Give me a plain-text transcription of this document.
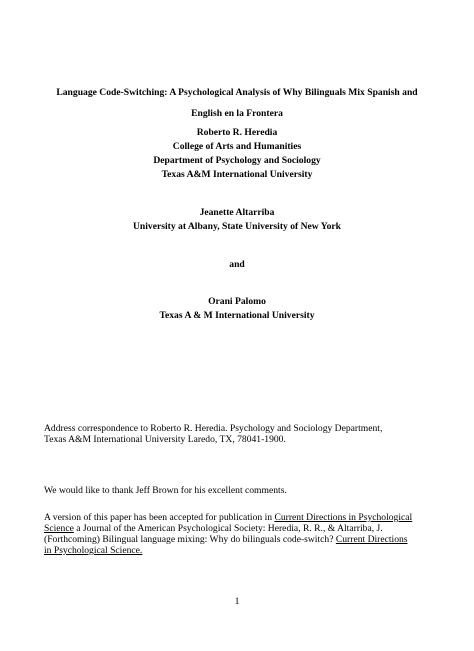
Language Code-Switching: A Psychological Analysis of Why Bilinguals Mix Spanish and
English en la Frontera
Roberto R. Heredia
College of Arts and Humanities
Department of Psychology and Sociology
Texas A&M International University
Jeanette Altarriba
University at Albany, State University of New York
and
Orani Palomo
Texas A & M International University
Address correspondence to Roberto R. Heredia. Psychology and Sociology Department,
Texas A&M International University Laredo, TX, 78041-1900.
We would like to thank Jeff Brown for his excellent comments.
A version of this paper has been accepted for publication in Current Directions in Psychological
Science a Journal of the American Psychological Society: Heredia, R. R., & Altarriba, J.
(Forthcoming) Bilingual language mixing: Why do bilinguals code-switch? Current Directions
in Psychological Science.
1
